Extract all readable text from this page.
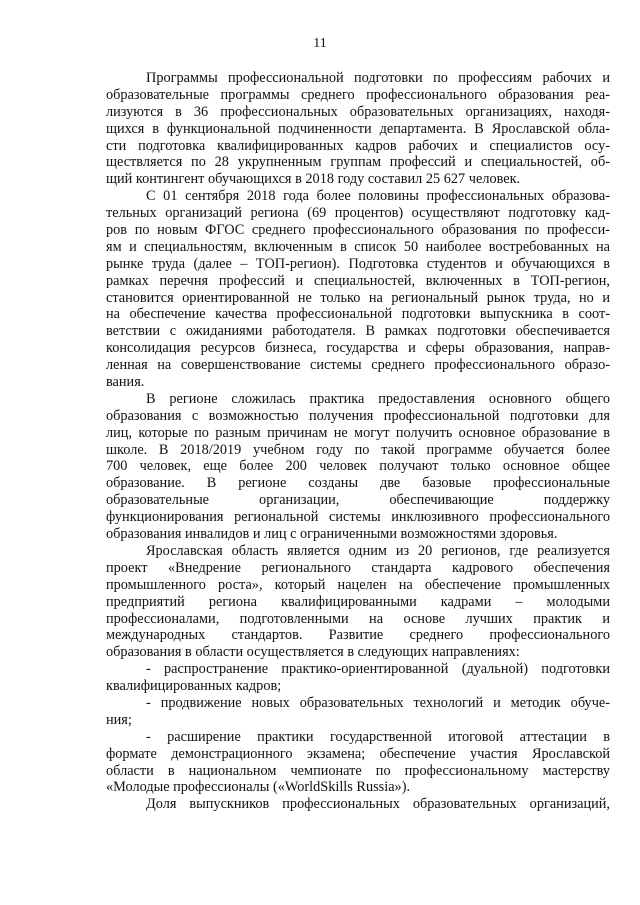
11
Программы профессиональной подготовки по профессиям рабочих и
образовательные программы среднего профессионального образования реа-
лизуются в 36 профессиональных образовательных организациях, находя-
щихся в функциональной подчиненности департамента. В Ярославской обла-
сти подготовка квалифицированных кадров рабочих и специалистов осу-
ществляется по 28 укрупненным группам профессий и специальностей, об-
щий контингент обучающихся в 2018 году составил 25 627 человек.
С 01 сентября 2018 года более половины профессиональных образова-
тельных организаций региона (69 процентов) осуществляют подготовку кад-
ров по новым ФГОС среднего профессионального образования по професси-
ям и специальностям, включенным в список 50 наиболее востребованных на
рынке труда (далее – ТОП-регион). Подготовка студентов и обучающихся в
рамках перечня профессий и специальностей, включенных в ТОП-регион,
становится ориентированной не только на региональный рынок труда, но и
на обеспечение качества профессиональной подготовки выпускника в соот-
ветствии с ожиданиями работодателя. В рамках подготовки обеспечивается
консолидация ресурсов бизнеса, государства и сферы образования, направ-
ленная на совершенствование системы среднего профессионального образо-
вания.
В регионе сложилась практика предоставления основного общего
образования с возможностью получения профессиональной подготовки для
лиц, которые по разным причинам не могут получить основное образование в
школе. В 2018/2019 учебном году по такой программе обучается более
700 человек, еще более 200 человек получают только основное общее
образование. В регионе созданы две базовые профессиональные
образовательные организации, обеспечивающие поддержку
функционирования региональной системы инклюзивного профессионального
образования инвалидов и лиц с ограниченными возможностями здоровья.
Ярославская область является одним из 20 регионов, где реализуется
проект «Внедрение регионального стандарта кадрового обеспечения
промышленного роста», который нацелен на обеспечение промышленных
предприятий региона квалифицированными кадрами – молодыми
профессионалами, подготовленными на основе лучших практик и
международных стандартов. Развитие среднего профессионального
образования в области осуществляется в следующих направлениях:
- распространение практико-ориентированной (дуальной) подготовки
квалифицированных кадров;
- продвижение новых образовательных технологий и методик обуче-
ния;
- расширение практики государственной итоговой аттестации в
формате демонстрационного экзамена; обеспечение участия Ярославской
области в национальном чемпионате по профессиональному мастерству
«Молодые профессионалы («WorldSkills Russia»).
Доля выпускников профессиональных образовательных организаций,
